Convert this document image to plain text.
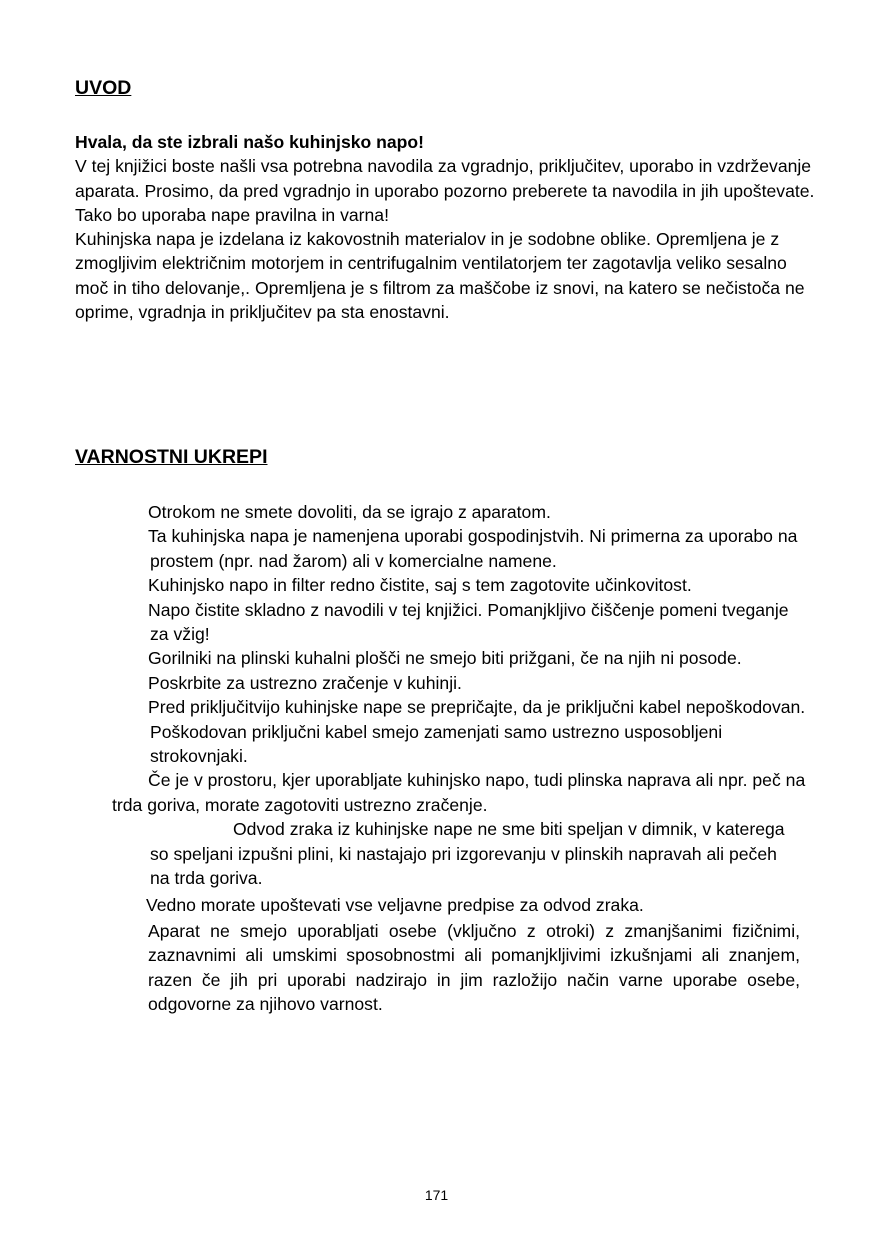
UVOD

Hvala, da ste izbrali našo kuhinjsko napo!

V tej knjižici boste našli vsa potrebna navodila za vgradnjo, priključitev, uporabo in vzdrževanje aparata. Prosimo, da pred vgradnjo in uporabo pozorno preberete ta navodila in jih upoštevate. Tako bo uporaba nape pravilna in varna!

Kuhinjska napa je izdelana iz kakovostnih materialov in je sodobne oblike. Opremljena je z zmogljivim električnim motorjem in centrifugalnim ventilatorjem ter zagotavlja veliko sesalno moč in tiho delovanje,. Opremljena je s filtrom za maščobe iz snovi, na katero se nečistoča ne oprime, vgradnja in priključitev pa sta enostavni.

VARNOSTNI UKREPI

Otrokom ne smete dovoliti, da se igrajo z aparatom.

Ta kuhinjska napa je namenjena uporabi gospodinjstvih. Ni primerna za uporabo na prostem (npr. nad žarom) ali v komercialne namene.

Kuhinjsko napo in filter redno čistite, saj s tem zagotovite učinkovitost.

Napo čistite skladno z navodili v tej knjižici. Pomanjkljivo čiščenje pomeni tveganje za vžig!

Gorilniki na plinski kuhalni plošči ne smejo biti prižgani, če na njih ni posode.

Poskrbite za ustrezno zračenje v kuhinji.

Pred priključitvijo kuhinjske nape se prepričajte, da je priključni kabel nepoškodovan. Poškodovan priključni kabel smejo zamenjati samo ustrezno usposobljeni strokovnjaki.

Če je v prostoru, kjer uporabljate kuhinjsko napo, tudi plinska naprava ali npr. peč na trda goriva, morate zagotoviti ustrezno zračenje.

Odvod zraka iz kuhinjske nape ne sme biti speljan v dimnik, v katerega so speljani izpušni plini, ki nastajajo pri izgorevanju v plinskih napravah ali pečeh na trda goriva.

Vedno morate upoštevati vse veljavne predpise za odvod zraka.

Aparat ne smejo uporabljati osebe (vključno z otroki) z zmanjšanimi fizičnimi, zaznavnimi ali umskimi sposobnostmi ali pomanjkljivimi izkušnjami ali znanjem, razen če jih pri uporabi nadzirajo in jim razložijo način varne uporabe osebe, odgovorne za njihovo varnost.

171
